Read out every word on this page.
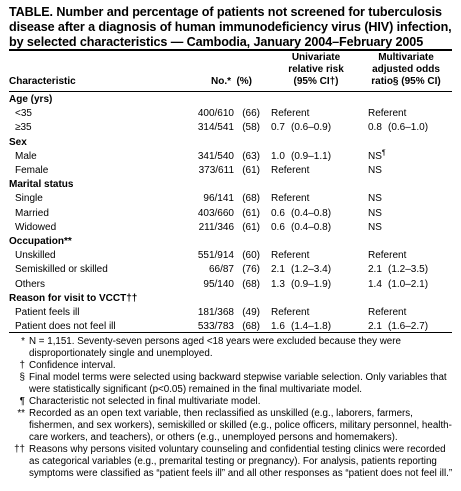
TABLE. Number and percentage of patients not screened for tuberculosis disease after a diagnosis of human immunodeficiency virus (HIV) infection, by selected characteristics — Cambodia, January 2004–February 2005
Univariate
relative risk
(95% CI†)
Multivariate
adjusted odds
ratio§ (95% CI)
Characteristic	No.* (%)
Age (yrs)
<35	400/610 (66) Referent	Referent
≥35	314/541 (58) 0.7 (0.6–0.9)	0.8 (0.6–1.0)
Sex
Male	341/540 (63) 1.0 (0.9–1.1)	NS¶
Female	373/611 (61) Referent	NS
Marital status
Single	96/141 (68) Referent	NS
Married	403/660 (61) 0.6 (0.4–0.8)	NS
Widowed	211/346 (61) 0.6 (0.4–0.8)	NS
Occupation**
Unskilled	551/914 (60) Referent	Referent
Semiskilled or skilled	66/87 (76) 2.1 (1.2–3.4)	2.1 (1.2–3.5)
Others	95/140 (68) 1.3 (0.9–1.9)	1.4 (1.0–2.1)
Reason for visit to VCCT††
Patient feels ill	181/368 (49) Referent	Referent
Patient does not feel ill	533/783 (68) 1.6 (1.4–1.8)	2.1 (1.6–2.7)
* N = 1,151. Seventy-seven persons aged <18 years were excluded because they were disproportionately single and unemployed.
† Confidence interval.
§ Final model terms were selected using backward stepwise variable selection. Only variables that were statistically significant (p<0.05) remained in the final multivariate model.
¶ Characteristic not selected in final multivariate model.
** Recorded as an open text variable, then reclassified as unskilled (e.g., laborers, farmers, fishermen, and sex workers), semiskilled or skilled (e.g., police officers, military personnel, health-care workers, and teachers), or others (e.g., unemployed persons and homemakers).
†† Reasons why persons visited voluntary counseling and confidential testing clinics were recorded as categorical variables (e.g., premarital testing or pregnancy). For analysis, patients reporting symptoms were classified as “patient feels ill” and all other responses as “patient does not feel ill.”
